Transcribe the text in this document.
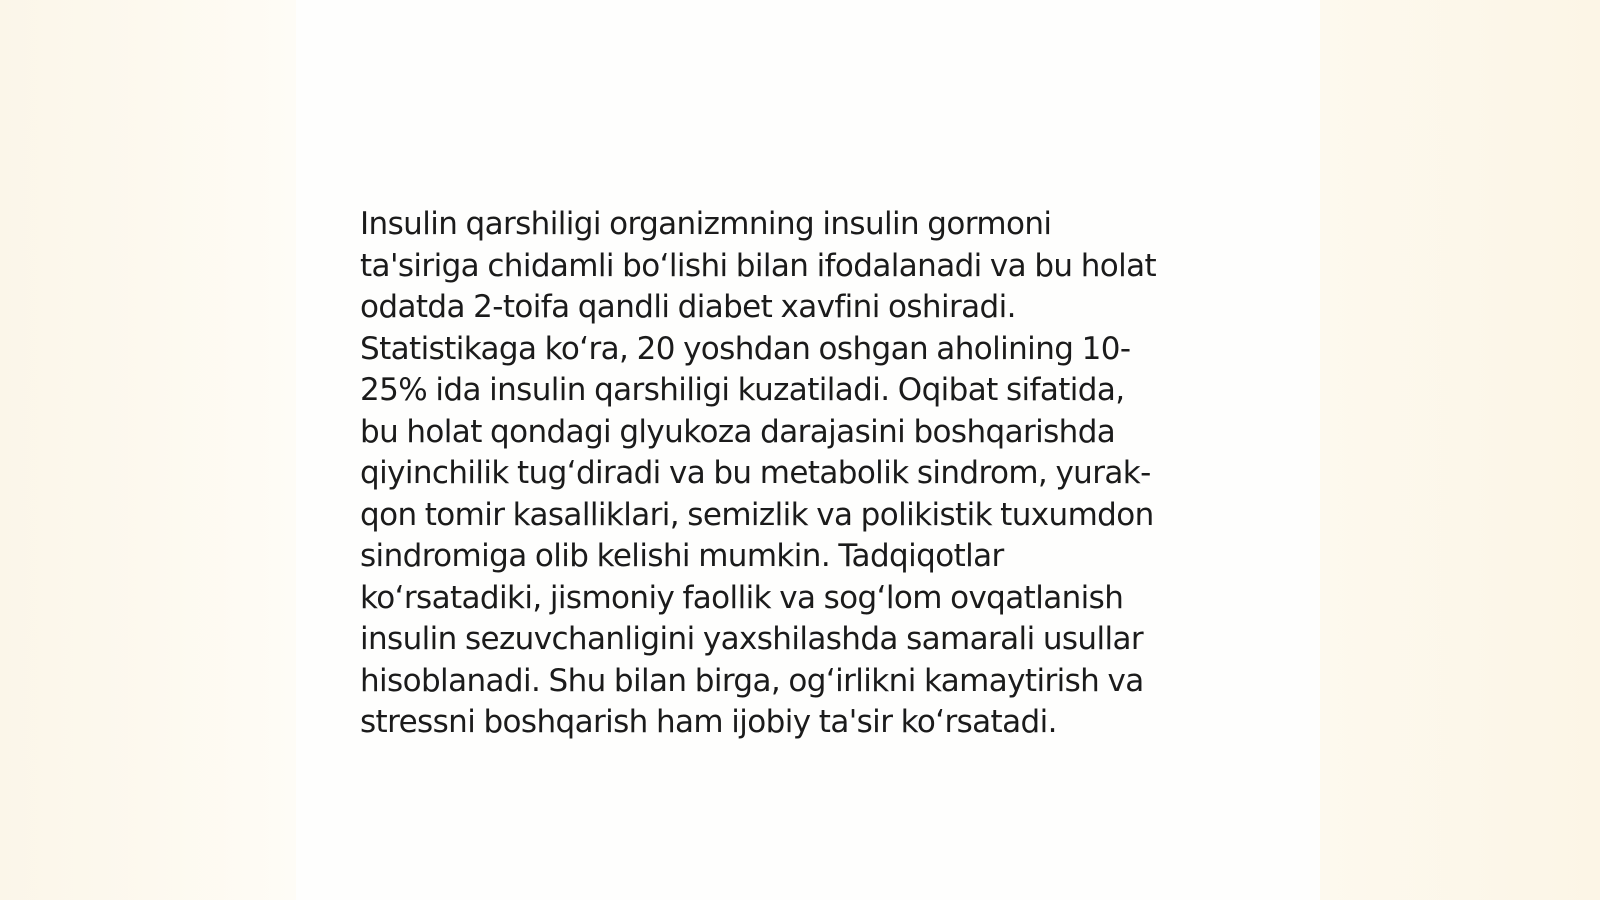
Insulin qarshiligi organizmning insulin gormoni
ta'siriga chidamli boʻlishi bilan ifodalanadi va bu holat
odatda 2-toifa qandli diabet xavfini oshiradi.
Statistikaga koʻra, 20 yoshdan oshgan aholining 10-
25% ida insulin qarshiligi kuzatiladi. Oqibat sifatida,
bu holat qondagi glyukoza darajasini boshqarishda
qiyinchilik tugʻdiradi va bu metabolik sindrom, yurak-
qon tomir kasalliklari, semizlik va polikistik tuxumdon
sindromiga olib kelishi mumkin. Tadqiqotlar
koʻrsatadiki, jismoniy faollik va sogʻlom ovqatlanish
insulin sezuvchanligini yaxshilashda samarali usullar
hisoblanadi. Shu bilan birga, ogʻirlikni kamaytirish va
stressni boshqarish ham ijobiy ta'sir koʻrsatadi.
